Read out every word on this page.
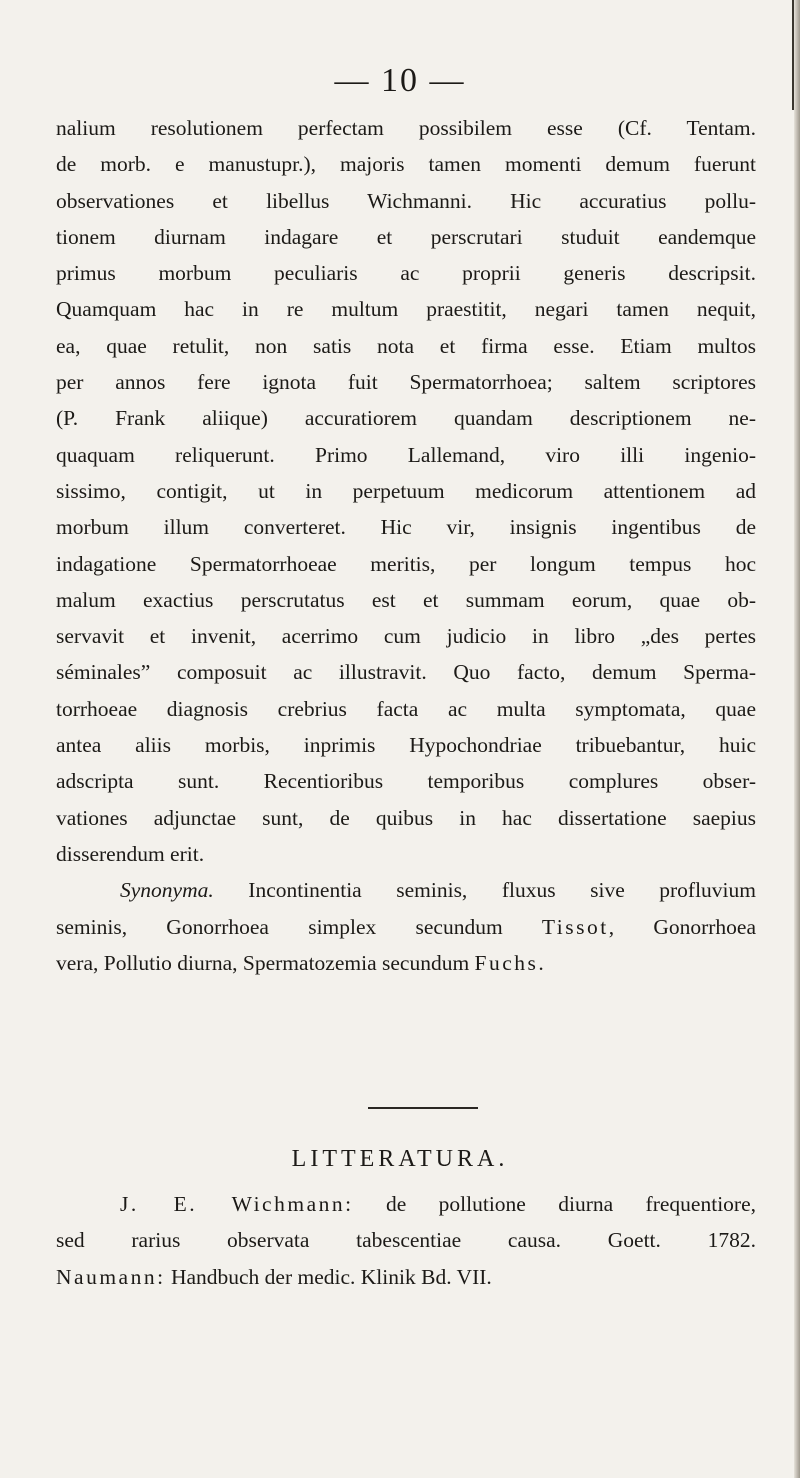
— 10 —
nalium resolutionem perfectam possibilem esse (Cf. Tentam.
de morb. e manustupr.), majoris tamen momenti demum fuerunt
observationes et libellus Wichmanni. Hic accuratius pollu-
tionem diurnam indagare et perscrutari studuit eandemque
primus morbum peculiaris ac proprii generis descripsit.
Quamquam hac in re multum praestitit, negari tamen nequit,
ea, quae retulit, non satis nota et firma esse. Etiam multos
per annos fere ignota fuit Spermatorrhoea; saltem scriptores
(P. Frank aliique) accuratiorem quandam descriptionem ne-
quaquam reliquerunt. Primo Lallemand, viro illi ingenio-
sissimo, contigit, ut in perpetuum medicorum attentionem ad
morbum illum converteret. Hic vir, insignis ingentibus de
indagatione Spermatorrhoeae meritis, per longum tempus hoc
malum exactius perscrutatus est et summam eorum, quae ob-
servavit et invenit, acerrimo cum judicio in libro „des pertes
séminales” composuit ac illustravit. Quo facto, demum Sperma-
torrhoeae diagnosis crebrius facta ac multa symptomata, quae
antea aliis morbis, inprimis Hypochondriae tribuebantur, huic
adscripta sunt. Recentioribus temporibus complures obser-
vationes adjunctae sunt, de quibus in hac dissertatione saepius
disserendum erit.
Synonyma. Incontinentia seminis, fluxus sive profluvium
seminis, Gonorrhoea simplex secundum Tissot, Gonorrhoea
vera, Pollutio diurna, Spermatozemia secundum Fuchs.
LITTERATURA.
J. E. Wichmann: de pollutione diurna frequentiore,
sed rarius observata tabescentiae causa. Goett. 1782.
Naumann: Handbuch der medic. Klinik Bd. VII.
